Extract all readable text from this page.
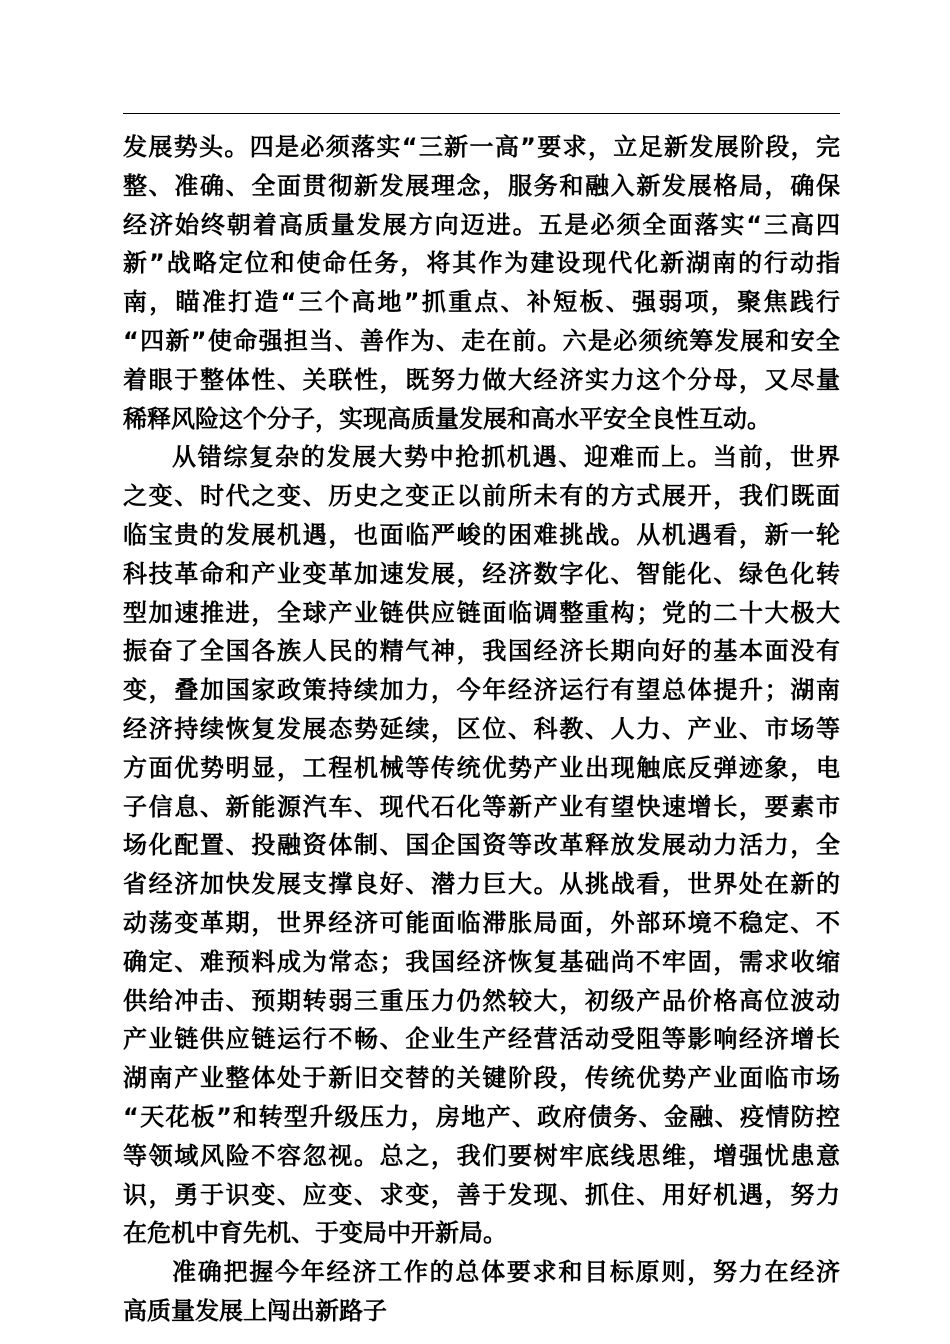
发展势头。四是必须落实“三新一高”要求，立足新发展阶段，完
整、准确、全面贯彻新发展理念，服务和融入新发展格局，确保
经济始终朝着高质量发展方向迈进。五是必须全面落实“三高四
新”战略定位和使命任务，将其作为建设现代化新湖南的行动指
南，瞄准打造“三个高地”抓重点、补短板、强弱项，聚焦践行
“四新”使命强担当、善作为、走在前。六是必须统筹发展和安全
着眼于整体性、关联性，既努力做大经济实力这个分母，又尽量
稀释风险这个分子，实现高质量发展和高水平安全良性互动。
从错综复杂的发展大势中抢抓机遇、迎难而上。当前，世界
之变、时代之变、历史之变正以前所未有的方式展开，我们既面
临宝贵的发展机遇，也面临严峻的困难挑战。从机遇看，新一轮
科技革命和产业变革加速发展，经济数字化、智能化、绿色化转
型加速推进，全球产业链供应链面临调整重构；党的二十大极大
振奋了全国各族人民的精气神，我国经济长期向好的基本面没有
变，叠加国家政策持续加力，今年经济运行有望总体提升；湖南
经济持续恢复发展态势延续，区位、科教、人力、产业、市场等
方面优势明显，工程机械等传统优势产业出现触底反弹迹象，电
子信息、新能源汽车、现代石化等新产业有望快速增长，要素市
场化配置、投融资体制、国企国资等改革释放发展动力活力，全
省经济加快发展支撑良好、潜力巨大。从挑战看，世界处在新的
动荡变革期，世界经济可能面临滞胀局面，外部环境不稳定、不
确定、难预料成为常态；我国经济恢复基础尚不牢固，需求收缩
供给冲击、预期转弱三重压力仍然较大，初级产品价格高位波动
产业链供应链运行不畅、企业生产经营活动受阻等影响经济增长
湖南产业整体处于新旧交替的关键阶段，传统优势产业面临市场
“天花板”和转型升级压力，房地产、政府债务、金融、疫情防控
等领域风险不容忽视。总之，我们要树牢底线思维，增强忧患意
识，勇于识变、应变、求变，善于发现、抓住、用好机遇，努力
在危机中育先机、于变局中开新局。
准确把握今年经济工作的总体要求和目标原则，努力在经济
高质量发展上闯出新路子
